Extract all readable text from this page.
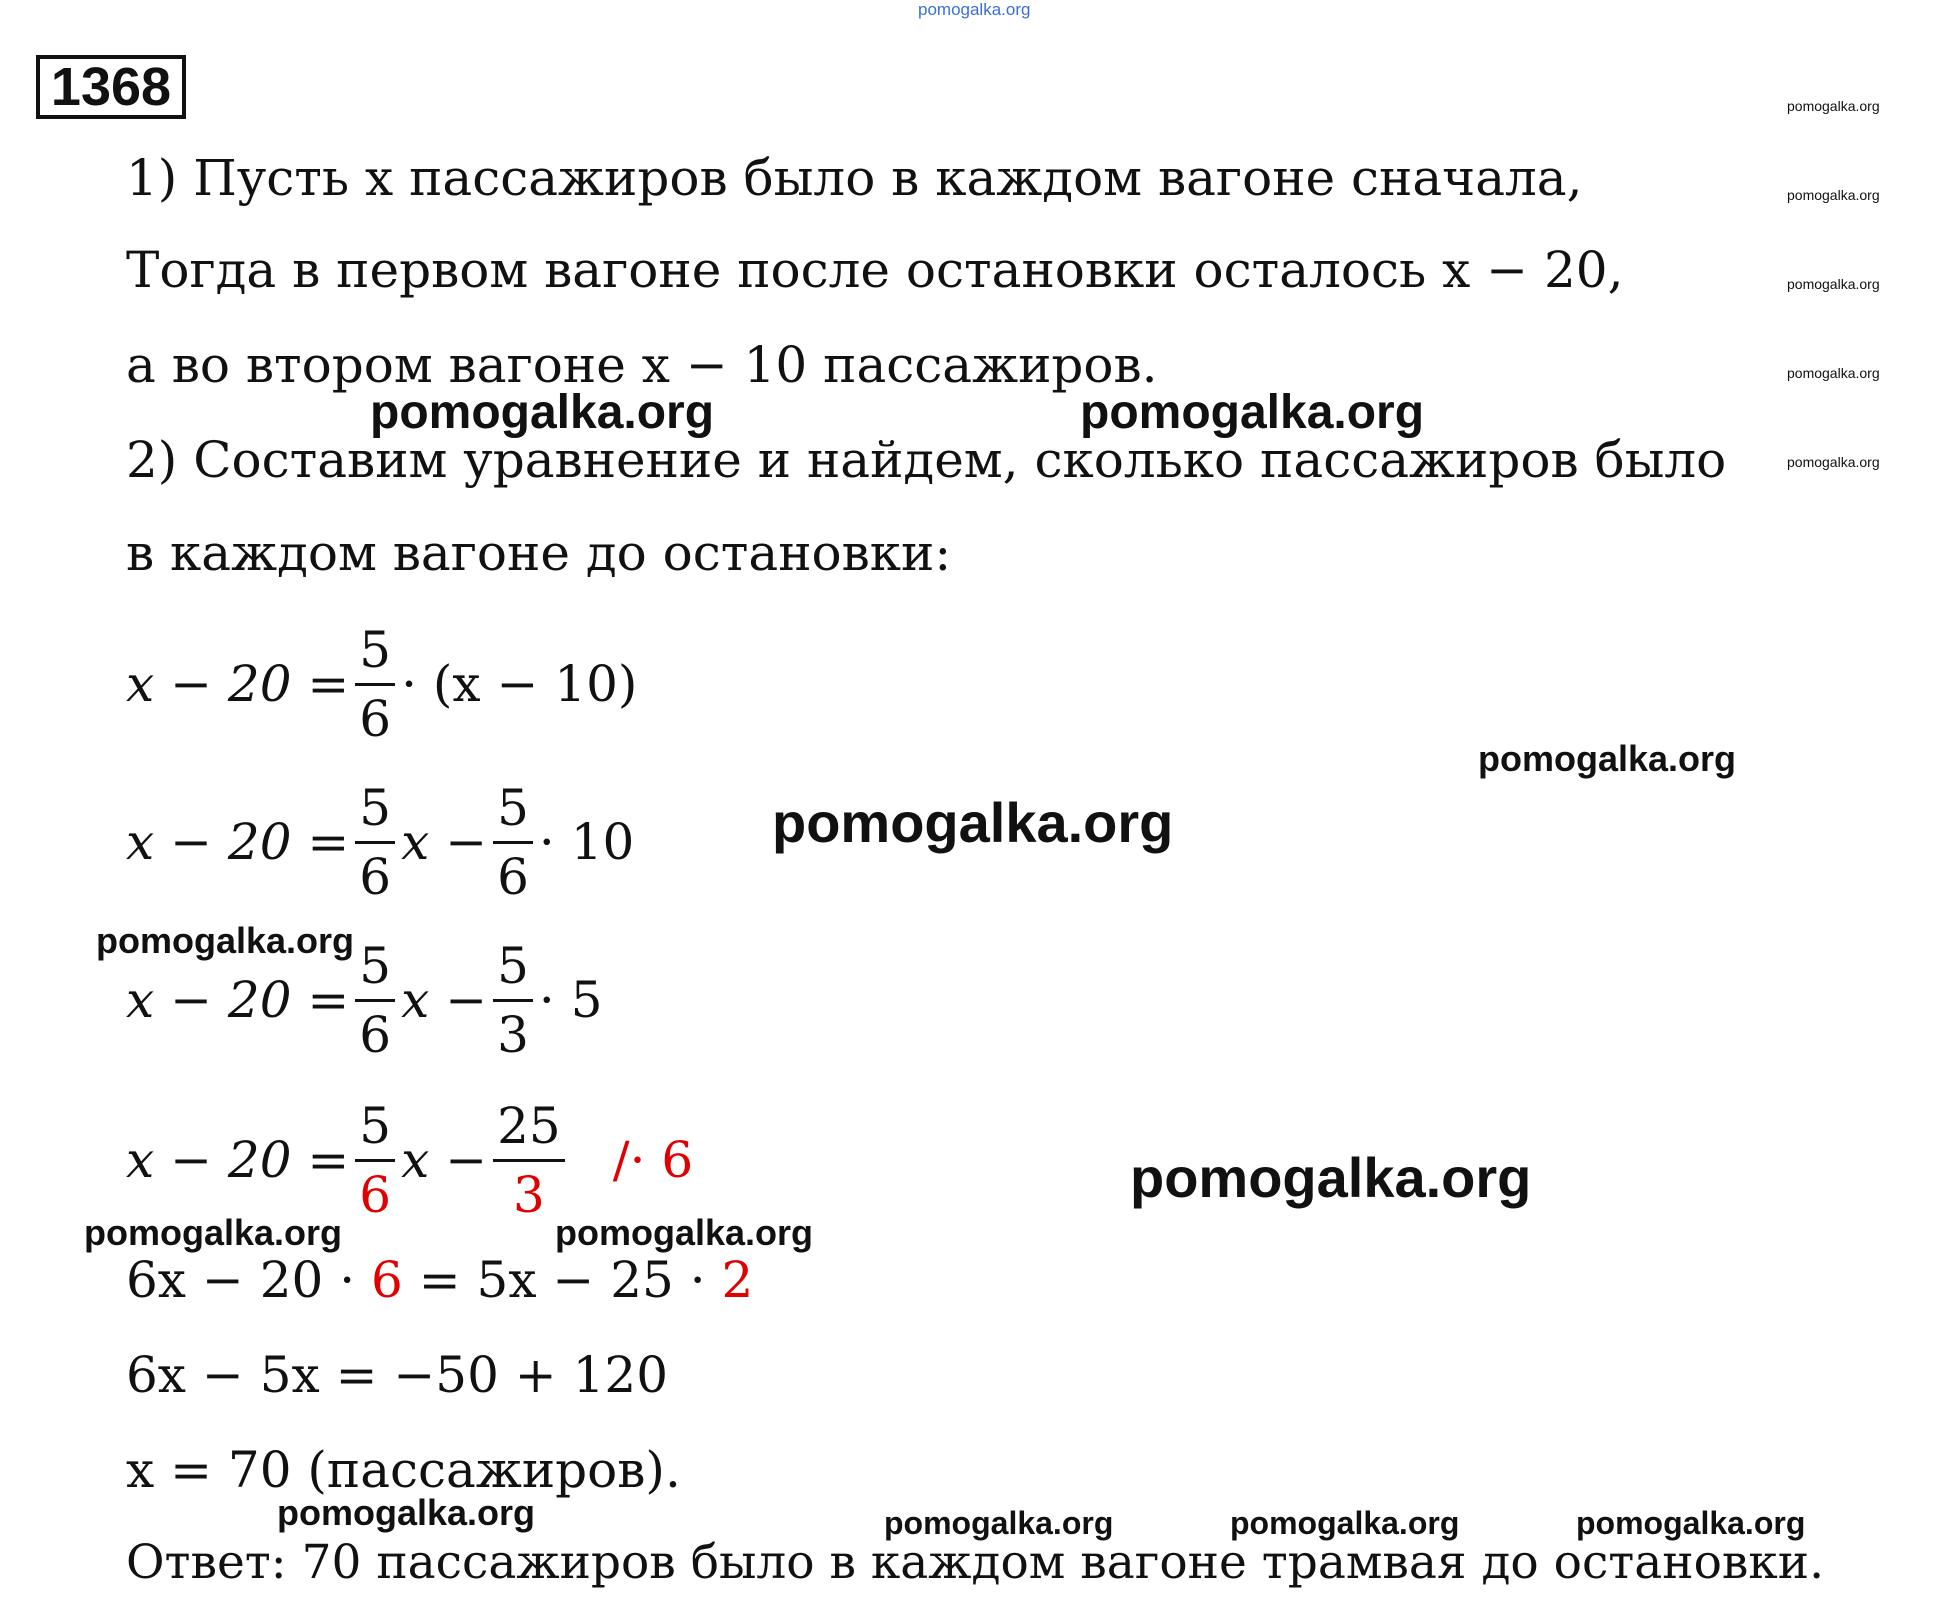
pomogalka.org
pomogalka.org
pomogalka.org
pomogalka.org
pomogalka.org
pomogalka.org
1368
1) Пусть x пассажиров было в каждом вагоне сначала,
Тогда в первом вагоне после остановки осталось x − 20,
а во втором вагоне x − 10 пассажиров.
2) Составим уравнение и найдем, сколько пассажиров было
в каждом вагоне до остановки:
pomogalka.org	pomogalka.org
$x - 20 = \frac{5}{6} \cdot (x - 10)$
pomogalka.org
pomogalka.org
$x - 20 = \frac{5}{6}$ $x - \frac{5}{6} \cdot 10$
pomogalka.org
$x - 20 = \frac{5}{6}$ $x - \frac{5}{3} \cdot 5$
$x - 20 = \frac{5}{6}$ $x - \frac{25}{3} /\cdot 6$	pomogalka.org
pomogalka.org	pomogalka.org
6x − 20 · 6 = 5x − 25 · 2
6x − 5x = −50 + 120
x = 70 (пассажиров).
pomogalka.org	pomogalka.org	pomogalka.org	pomogalka.org
Ответ: 70 пассажиров было в каждом вагоне трамвая до остановки.
